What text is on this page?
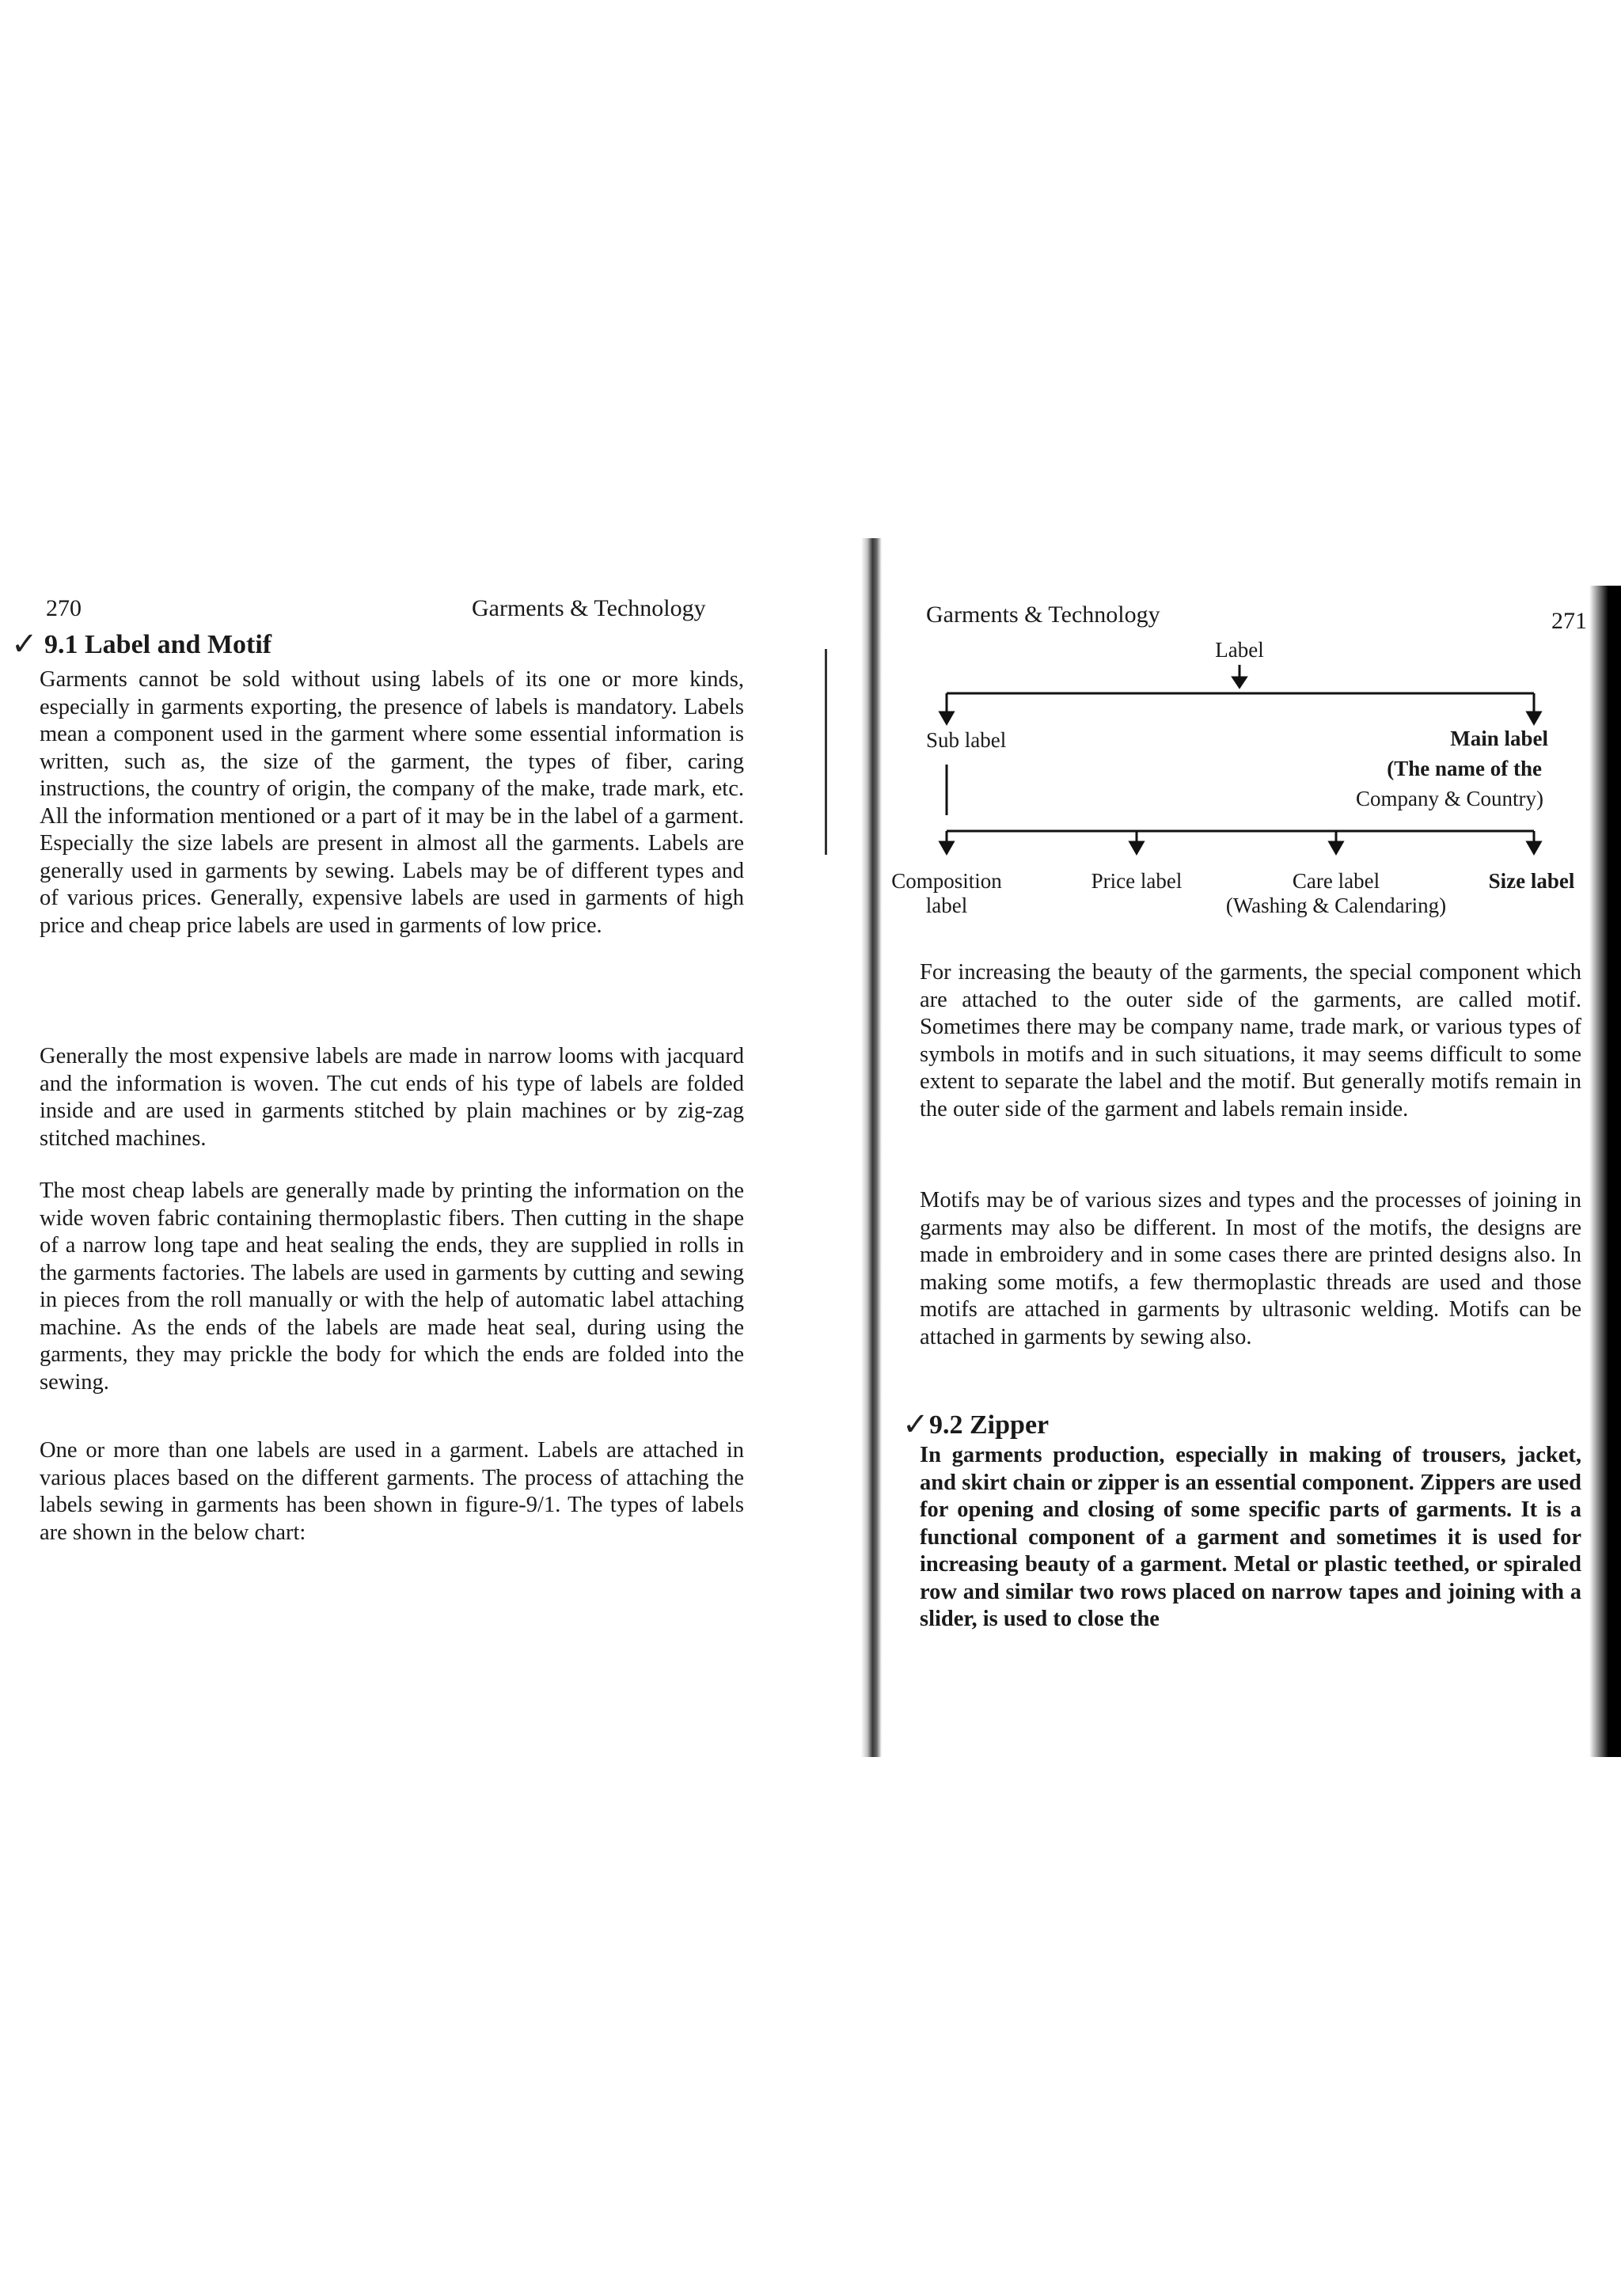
270	Garments & Technology
✓ 9.1 Label and Motif

Garments cannot be sold without using labels of its one or more kinds, especially in garments exporting, the presence of labels is mandatory. Labels mean a component used in the garment where some essential information is written, such as, the size of the garment, the types of fiber, caring instructions, the country of origin, the company of the make, trade mark, etc. All the information mentioned or a part of it may be in the label of a garment. Especially the size labels are present in almost all the garments. Labels are generally used in garments by sewing. Labels may be of different types and of various prices. Generally, expensive labels are used in garments of high price and cheap price labels are used in garments of low price.

Generally the most expensive labels are made in narrow looms with jacquard and the information is woven. The cut ends of his type of labels are folded inside and are used in garments stitched by plain machines or by zig-zag stitched machines.

The most cheap labels are generally made by printing the information on the wide woven fabric containing thermoplastic fibers. Then cutting in the shape of a narrow long tape and heat sealing the ends, they are supplied in rolls in the garments factories. The labels are used in garments by cutting and sewing in pieces from the roll manually or with the help of automatic label attaching machine. As the ends of the labels are made heat seal, during using the garments, they may prickle the body for which the ends are folded into the sewing.

One or more than one labels are used in a garment. Labels are attached in various places based on the different garments. The process of attaching the labels sewing in garments has been shown in figure-9/1. The types of labels are shown in the below chart:

Garments & Technology	271
Label
Sub label	Main label
(The name of the
Company & Country)
Composition
label
Price label	Care label
(Washing & Calendaring)
Size label

For increasing the beauty of the garments, the special component which are attached to the outer side of the garments, are called motif. Sometimes there may be company name, trade mark, or various types of symbols in motifs and in such situations, it may seems difficult to some extent to separate the label and the motif. But generally motifs remain in the outer side of the garment and labels remain inside.

Motifs may be of various sizes and types and the processes of joining in garments may also be different. In most of the motifs, the designs are made in embroidery and in some cases there are printed designs also. In making some motifs, a few thermoplastic threads are used and those motifs are attached in garments by ultrasonic welding. Motifs can be attached in garments by sewing also.

✓ 9.2 Zipper

In garments production, especially in making of trousers, jacket, and skirt chain or zipper is an essential component. Zippers are used for opening and closing of some specific parts of garments. It is a functional component of a garment and sometimes it is used for increasing beauty of a garment. Metal or plastic teethed, or spiraled row and similar two rows placed on narrow tapes and joining with a slider, is used to close the
